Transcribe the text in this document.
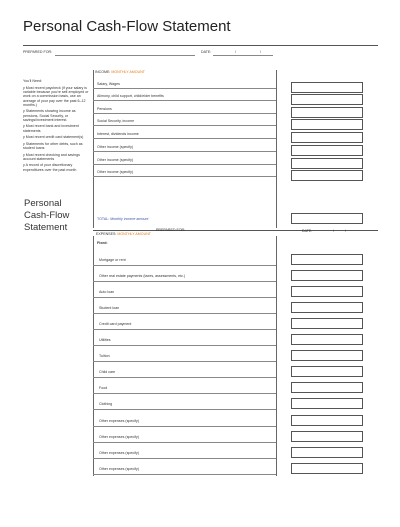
Personal Cash-Flow Statement
PREPARED FOR:	DATE:	/	/
You'll Need:
y Most recent paycheck (if your salary is variable because you're self-employed or work on a commission basis, use an average of your pay over the past 6–12 months.)
y Statements showing income as pensions, Social Security, or savings/investment interest.
y Most recent bank and investment statements
y Most recent credit card statement(s)
y Statements for other debts, such as student loans
y Most recent checking and savings account statements
y A record of your discretionary expenditures over the past month
INCOME: MONTHLY AMOUNT
Salary, Wages
Alimony, child support, child/elder benefits
Pensions
Social Security, income
Interest, dividends income
Other income (specify)
Other income (specify)
Other income (specify)
TOTAL: Monthly income amount
Personal
Cash-Flow
Statement
EXPENSES: MONTHLY AMOUNT
PREPARED FOR:	DATE:	/	/
Fixed:
Mortgage or rent
Other real estate payments (taxes, assessments, etc.)
Auto loan
Student loan
Credit card payment
Utilities
Tuition
Child care
Food
Clothing
Other expenses (specify)
Other expenses (specify)
Other expenses (specify)
Other expenses (specify)
